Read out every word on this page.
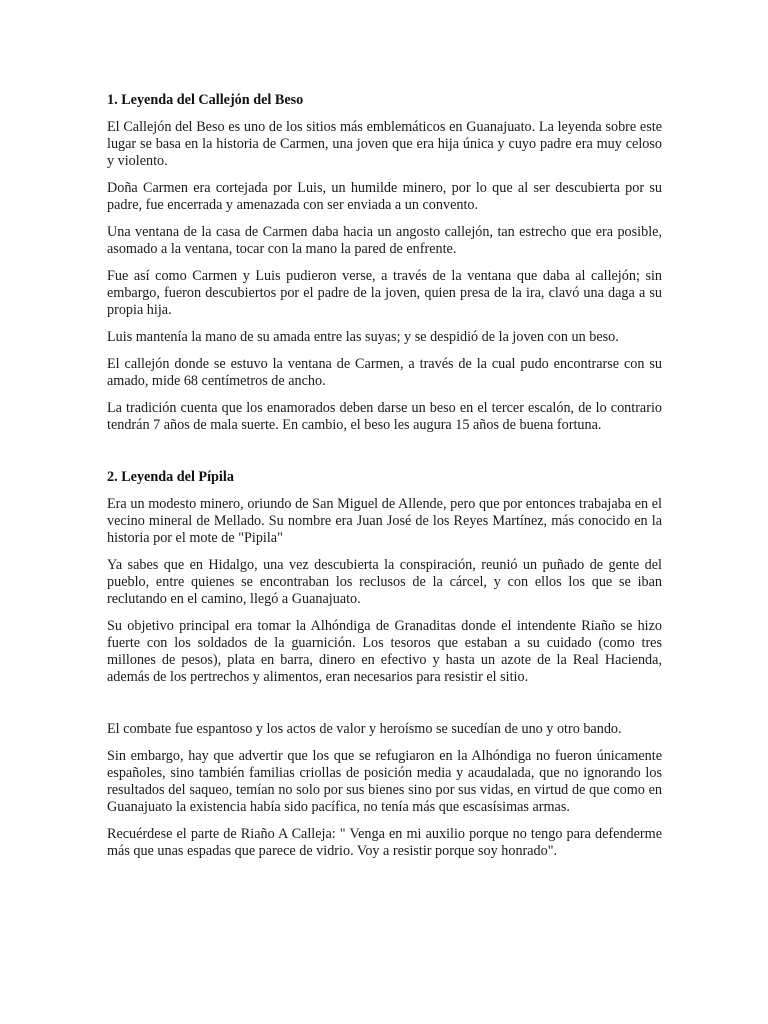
1. Leyenda del Callejón del Beso

El Callejón del Beso es uno de los sitios más emblemáticos en Guanajuato. La leyenda sobre este lugar se basa en la historia de Carmen, una joven que era hija única y cuyo padre era muy celoso y violento.

Doña Carmen era cortejada por Luis, un humilde minero, por lo que al ser descubierta por su padre, fue encerrada y amenazada con ser enviada a un convento.

Una ventana de la casa de Carmen daba hacia un angosto callejón, tan estrecho que era posible, asomado a la ventana, tocar con la mano la pared de enfrente.

Fue así como Carmen y Luis pudieron verse, a través de la ventana que daba al callejón; sin embargo, fueron descubiertos por el padre de la joven, quien presa de la ira, clavó una daga a su propia hija.

Luis mantenía la mano de su amada entre las suyas; y se despidió de la joven con un beso.

El callejón donde se estuvo la ventana de Carmen, a través de la cual pudo encontrarse con su amado, mide 68 centímetros de ancho.

La tradición cuenta que los enamorados deben darse un beso en el tercer escalón, de lo contrario tendrán 7 años de mala suerte. En cambio, el beso les augura 15 años de buena fortuna.

2. Leyenda del Pípila

Era un modesto minero, oriundo de San Miguel de Allende, pero que por entonces trabajaba en el vecino mineral de Mellado. Su nombre era Juan José de los Reyes Martínez, más conocido en la historia por el mote de "Pipila"

Ya sabes que en Hidalgo, una vez descubierta la conspiración, reunió un puñado de gente del pueblo, entre quienes se encontraban los reclusos de la cárcel, y con ellos los que se iban reclutando en el camino, llegó a Guanajuato.

Su objetivo principal era tomar la Alhóndiga de Granaditas donde el intendente Riaño se hizo fuerte con los soldados de la guarnición. Los tesoros que estaban a su cuidado (como tres millones de pesos), plata en barra, dinero en efectivo y hasta un azote de la Real Hacienda, además de los pertrechos y alimentos, eran necesarios para resistir el sitio.

El combate fue espantoso y los actos de valor y heroísmo se sucedían de uno y otro bando.

Sin embargo, hay que advertir que los que se refugiaron en la Alhóndiga no fueron únicamente españoles, sino también familias criollas de posición media y acaudalada, que no ignorando los resultados del saqueo, temían no solo por sus bienes sino por sus vidas, en virtud de que como en Guanajuato la existencia había sido pacífica, no tenía más que escasísimas armas.

Recuérdese el parte de Riaño A Calleja: " Venga en mi auxilio porque no tengo para defenderme más que unas espadas que parece de vidrio. Voy a resistir porque soy honrado".
